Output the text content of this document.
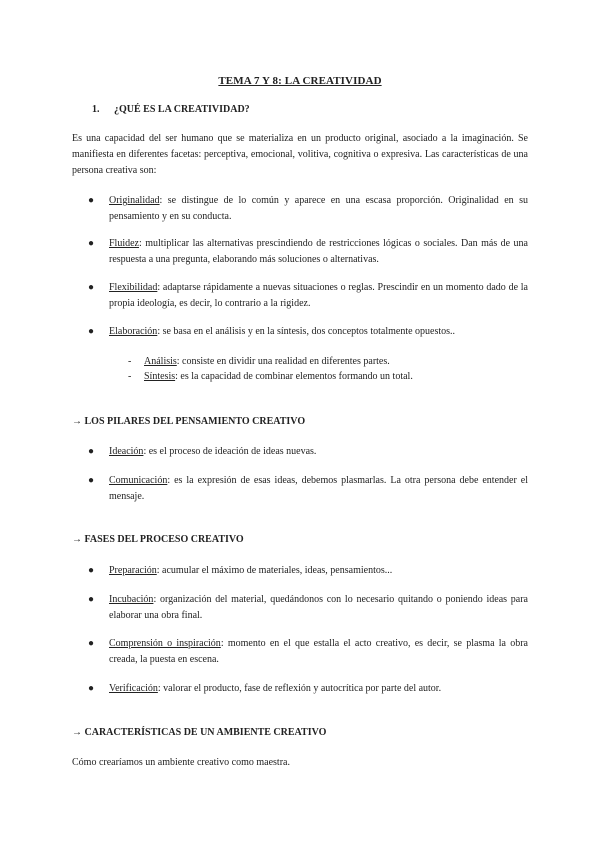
TEMA 7 Y 8: LA CREATIVIDAD
1. ¿QUÉ ES LA CREATIVIDAD?
Es una capacidad del ser humano que se materializa en un producto original, asociado a la imaginación. Se manifiesta en diferentes facetas: perceptiva, emocional, volitiva, cognitiva o expresiva. Las características de una persona creativa son:
●	Originalidad: se distingue de lo común y aparece en una escasa proporción. Originalidad en su pensamiento y en su conducta.
●	Fluidez: multiplicar las alternativas prescindiendo de restricciones lógicas o sociales. Dan más de una respuesta a una pregunta, elaborando más soluciones o alternativas.
●	Flexibilidad: adaptarse rápidamente a nuevas situaciones o reglas. Prescindir en un momento dado de la propia ideología, es decir, lo contrario a la rigidez.
●	Elaboración: se basa en el análisis y en la síntesis, dos conceptos totalmente opuestos..
- Análisis: consiste en dividir una realidad en diferentes partes.
- Síntesis: es la capacidad de combinar elementos formando un total.
→ LOS PILARES DEL PENSAMIENTO CREATIVO
●	Ideación: es el proceso de ideación de ideas nuevas.
●	Comunicación: es la expresión de esas ideas, debemos plasmarlas. La otra persona debe entender el mensaje.
→ FASES DEL PROCESO CREATIVO
●	Preparación: acumular el máximo de materiales, ideas, pensamientos...
●	Incubación: organización del material, quedándonos con lo necesario quitando o poniendo ideas para elaborar una obra final.
●	Comprensión o inspiración: momento en el que estalla el acto creativo, es decir, se plasma la obra creada, la puesta en escena.
●	Verificación: valorar el producto, fase de reflexión y autocrítica por parte del autor.
→ CARACTERÍSTICAS DE UN AMBIENTE CREATIVO
Cómo crearíamos un ambiente creativo como maestra.
